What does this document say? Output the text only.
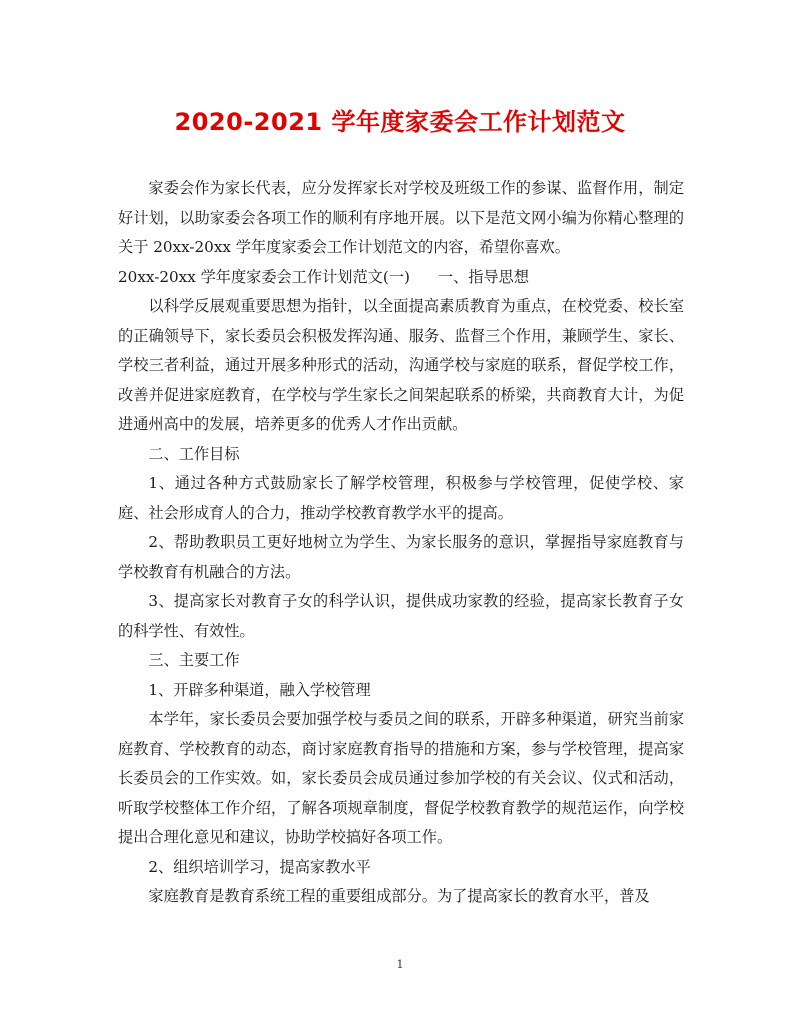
2020-2021 学年度家委会工作计划范文

家委会作为家长代表，应分发挥家长对学校及班级工作的参谋、监督作用，制定好计划，以助家委会各项工作的顺利有序地开展。以下是范文网小编为你精心整理的关于 20xx-20xx 学年度家委会工作计划范文的内容，希望你喜欢。

20xx-20xx 学年度家委会工作计划范文(一) 一、指导思想

以科学反展观重要思想为指针，以全面提高素质教育为重点，在校党委、校长室的正确领导下，家长委员会积极发挥沟通、服务、监督三个作用，兼顾学生、家长、学校三者利益，通过开展多种形式的活动，沟通学校与家庭的联系，督促学校工作，改善并促进家庭教育，在学校与学生家长之间架起联系的桥梁，共商教育大计，为促进通州高中的发展，培养更多的优秀人才作出贡献。

二、工作目标

1、通过各种方式鼓励家长了解学校管理，积极参与学校管理，促使学校、家庭、社会形成育人的合力，推动学校教育教学水平的提高。

2、帮助教职员工更好地树立为学生、为家长服务的意识，掌握指导家庭教育与学校教育有机融合的方法。

3、提高家长对教育子女的科学认识，提供成功家教的经验，提高家长教育子女的科学性、有效性。

三、主要工作

1、开辟多种渠道，融入学校管理

本学年，家长委员会要加强学校与委员之间的联系，开辟多种渠道，研究当前家庭教育、学校教育的动态，商讨家庭教育指导的措施和方案，参与学校管理，提高家长委员会的工作实效。如，家长委员会成员通过参加学校的有关会议、仪式和活动，听取学校整体工作介绍，了解各项规章制度，督促学校教育教学的规范运作，向学校提出合理化意见和建议，协助学校搞好各项工作。

2、组织培训学习，提高家教水平

家庭教育是教育系统工程的重要组成部分。为了提高家长的教育水平，普及

1
